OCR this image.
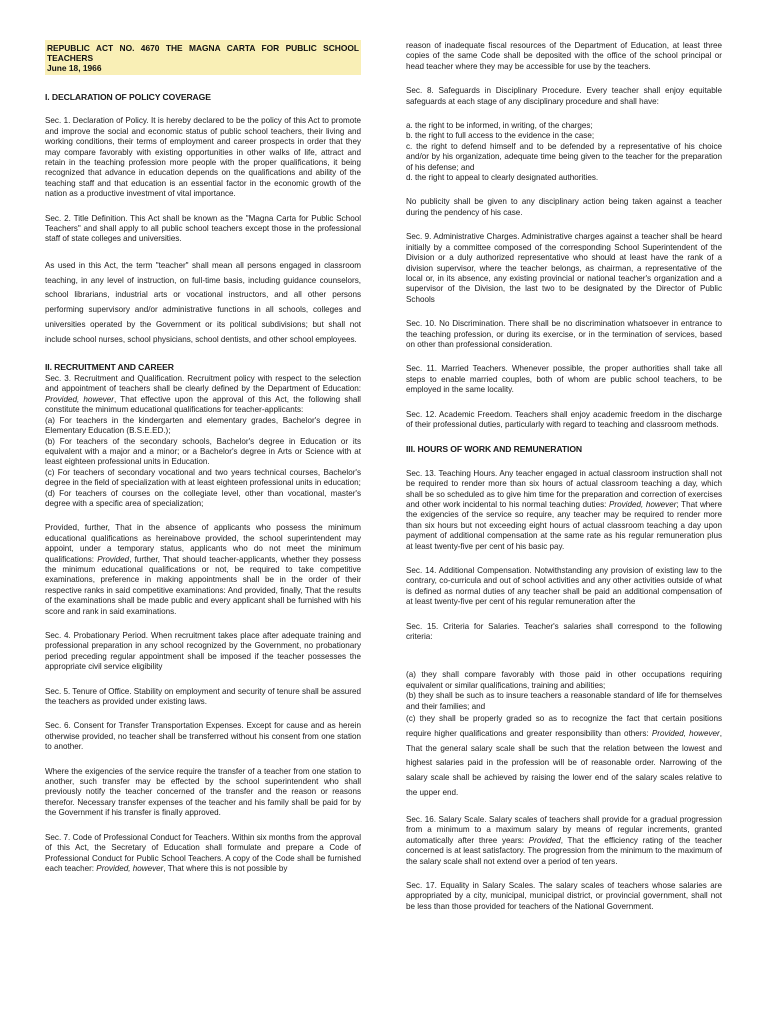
REPUBLIC ACT NO. 4670 THE MAGNA CARTA FOR PUBLIC SCHOOL TEACHERS
June 18, 1966
I. DECLARATION OF POLICY COVERAGE

Sec. 1. Declaration of Policy. It is hereby declared to be the policy of this Act to promote and improve the social and economic status of public school teachers, their living and working conditions, their terms of employment and career prospects in order that they may compare favorably with existing opportunities in other walks of life, attract and retain in the teaching profession more people with the proper qualifications, it being recognized that advance in education depends on the qualifications and ability of the teaching staff and that education is an essential factor in the economic growth of the nation as a productive investment of vital importance.

Sec. 2. Title Definition. This Act shall be known as the "Magna Carta for Public School Teachers" and shall apply to all public school teachers except those in the professional staff of state colleges and universities.

As used in this Act, the term "teacher" shall mean all persons engaged in classroom teaching, in any level of instruction, on full-time basis, including guidance counselors, school librarians, industrial arts or vocational instructors, and all other persons performing supervisory and/or administrative functions in all schools, colleges and universities operated by the Government or its political subdivisions; but shall not include school nurses, school physicians, school dentists, and other school employees.

II. RECRUITMENT AND CAREER

Sec. 3. Recruitment and Qualification. Recruitment policy with respect to the selection and appointment of teachers shall be clearly defined by the Department of Education: Provided, however, That effective upon the approval of this Act, the following shall constitute the minimum educational qualifications for teacher-applicants:

(a) For teachers in the kindergarten and elementary grades, Bachelor's degree in Elementary Education (B.S.E.ED.);
(b) For teachers of the secondary schools, Bachelor's degree in Education or its equivalent with a major and a minor; or a Bachelor's degree in Arts or Science with at least eighteen professional units in Education.
(c) For teachers of secondary vocational and two years technical courses, Bachelor's degree in the field of specialization with at least eighteen professional units in education;
(d) For teachers of courses on the collegiate level, other than vocational, master's degree with a specific area of specialization;

Provided, further, That in the absence of applicants who possess the minimum educational qualifications as hereinabove provided, the school superintendent may appoint, under a temporary status, applicants who do not meet the minimum qualifications: Provided, further, That should teacher-applicants, whether they possess the minimum educational qualifications or not, be required to take competitive examinations, preference in making appointments shall be in the order of their respective ranks in said competitive examinations: And provided, finally, That the results of the examinations shall be made public and every applicant shall be furnished with his score and rank in said examinations.

Sec. 4. Probationary Period. When recruitment takes place after adequate training and professional preparation in any school recognized by the Government, no probationary period preceding regular appointment shall be imposed if the teacher possesses the appropriate civil service eligibility

Sec. 5. Tenure of Office. Stability on employment and security of tenure shall be assured the teachers as provided under existing laws.

Sec. 6. Consent for Transfer Transportation Expenses. Except for cause and as herein otherwise provided, no teacher shall be transferred without his consent from one station to another.

Where the exigencies of the service require the transfer of a teacher from one station to another, such transfer may be effected by the school superintendent who shall previously notify the teacher concerned of the transfer and the reason or reasons therefor. Necessary transfer expenses of the teacher and his family shall be paid for by the Government if his transfer is finally approved.

Sec. 7. Code of Professional Conduct for Teachers. Within six months from the approval of this Act, the Secretary of Education shall formulate and prepare a Code of Professional Conduct for Public School Teachers. A copy of the Code shall be furnished each teacher: Provided, however, That where this is not possible by

reason of inadequate fiscal resources of the Department of Education, at least three copies of the same Code shall be deposited with the office of the school principal or head teacher where they may be accessible for use by the teachers.

Sec. 8. Safeguards in Disciplinary Procedure. Every teacher shall enjoy equitable safeguards at each stage of any disciplinary procedure and shall have:

a. the right to be informed, in writing, of the charges;
b. the right to full access to the evidence in the case;
c. the right to defend himself and to be defended by a representative of his choice and/or by his organization, adequate time being given to the teacher for the preparation of his defense; and
d. the right to appeal to clearly designated authorities.

No publicity shall be given to any disciplinary action being taken against a teacher during the pendency of his case.

Sec. 9. Administrative Charges. Administrative charges against a teacher shall be heard initially by a committee composed of the corresponding School Superintendent of the Division or a duly authorized representative who should at least have the rank of a division supervisor, where the teacher belongs, as chairman, a representative of the local or, in its absence, any existing provincial or national teacher's organization and a supervisor of the Division, the last two to be designated by the Director of Public Schools

Sec. 10. No Discrimination. There shall be no discrimination whatsoever in entrance to the teaching profession, or during its exercise, or in the termination of services, based on other than professional consideration.

Sec. 11. Married Teachers. Whenever possible, the proper authorities shall take all steps to enable married couples, both of whom are public school teachers, to be employed in the same locality.

Sec. 12. Academic Freedom. Teachers shall enjoy academic freedom in the discharge of their professional duties, particularly with regard to teaching and classroom methods.

III. HOURS OF WORK AND REMUNERATION

Sec. 13. Teaching Hours. Any teacher engaged in actual classroom instruction shall not be required to render more than six hours of actual classroom teaching a day, which shall be so scheduled as to give him time for the preparation and correction of exercises and other work incidental to his normal teaching duties: Provided, however; That where the exigencies of the service so require, any teacher may be required to render more than six hours but not exceeding eight hours of actual classroom teaching a day upon payment of additional compensation at the same rate as his regular remuneration plus at least twenty-five per cent of his basic pay.

Sec. 14. Additional Compensation. Notwithstanding any provision of existing law to the contrary, co-curricula and out of school activities and any other activities outside of what is defined as normal duties of any teacher shall be paid an additional compensation of at least twenty-five per cent of his regular remuneration after the

Sec. 15. Criteria for Salaries. Teacher's salaries shall correspond to the following criteria:

(a) they shall compare favorably with those paid in other occupations requiring equivalent or similar qualifications, training and abilities;
(b) they shall be such as to insure teachers a reasonable standard of life for themselves and their families; and

(c) they shall be properly graded so as to recognize the fact that certain positions require higher qualifications and greater responsibility than others: Provided, however, That the general salary scale shall be such that the relation between the lowest and highest salaries paid in the profession will be of reasonable order. Narrowing of the salary scale shall be achieved by raising the lower end of the salary scales relative to the upper end.

Sec. 16. Salary Scale. Salary scales of teachers shall provide for a gradual progression from a minimum to a maximum salary by means of regular increments, granted automatically after three years: Provided, That the efficiency rating of the teacher concerned is at least satisfactory. The progression from the minimum to the maximum of the salary scale shall not extend over a period of ten years.

Sec. 17. Equality in Salary Scales. The salary scales of teachers whose salaries are appropriated by a city, municipal, municipal district, or provincial government, shall not be less than those provided for teachers of the National Government.
